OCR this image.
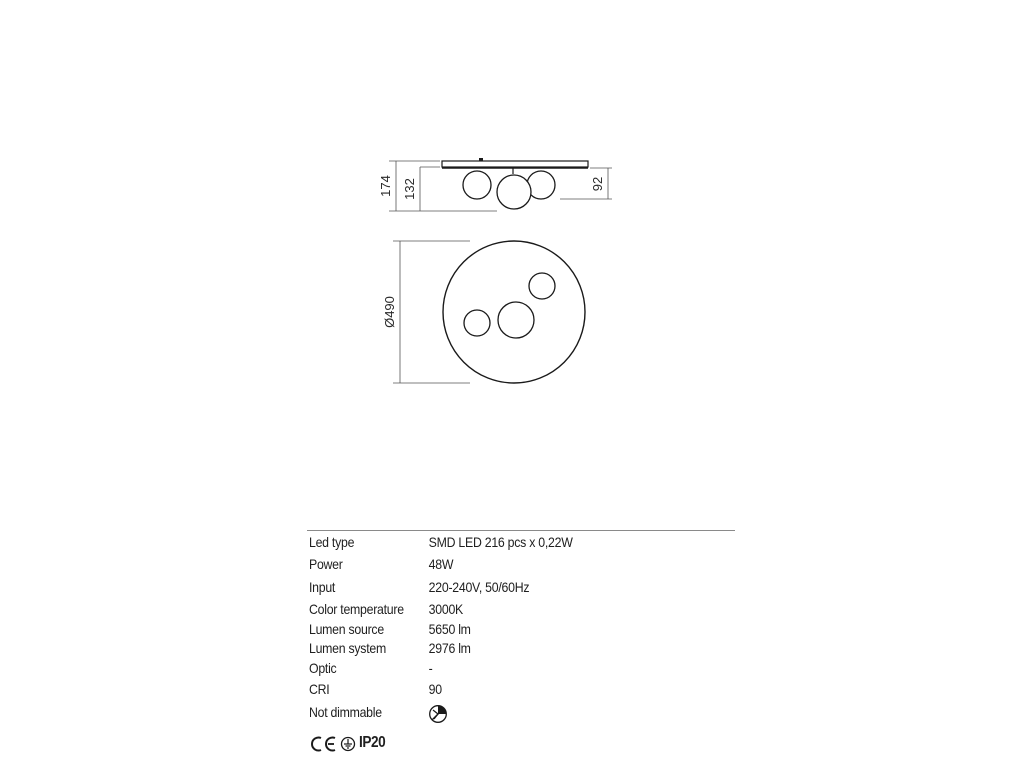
174 132	92
Ø490
Led type	SMD LED 216 pcs x 0,22W
Power	48W
Input	220-240V, 50/60Hz
Color temperature 3000K
Lumen source	5650 lm
Lumen system	2976 lm
Optic	-
CRI	90
Not dimmable
IP20
